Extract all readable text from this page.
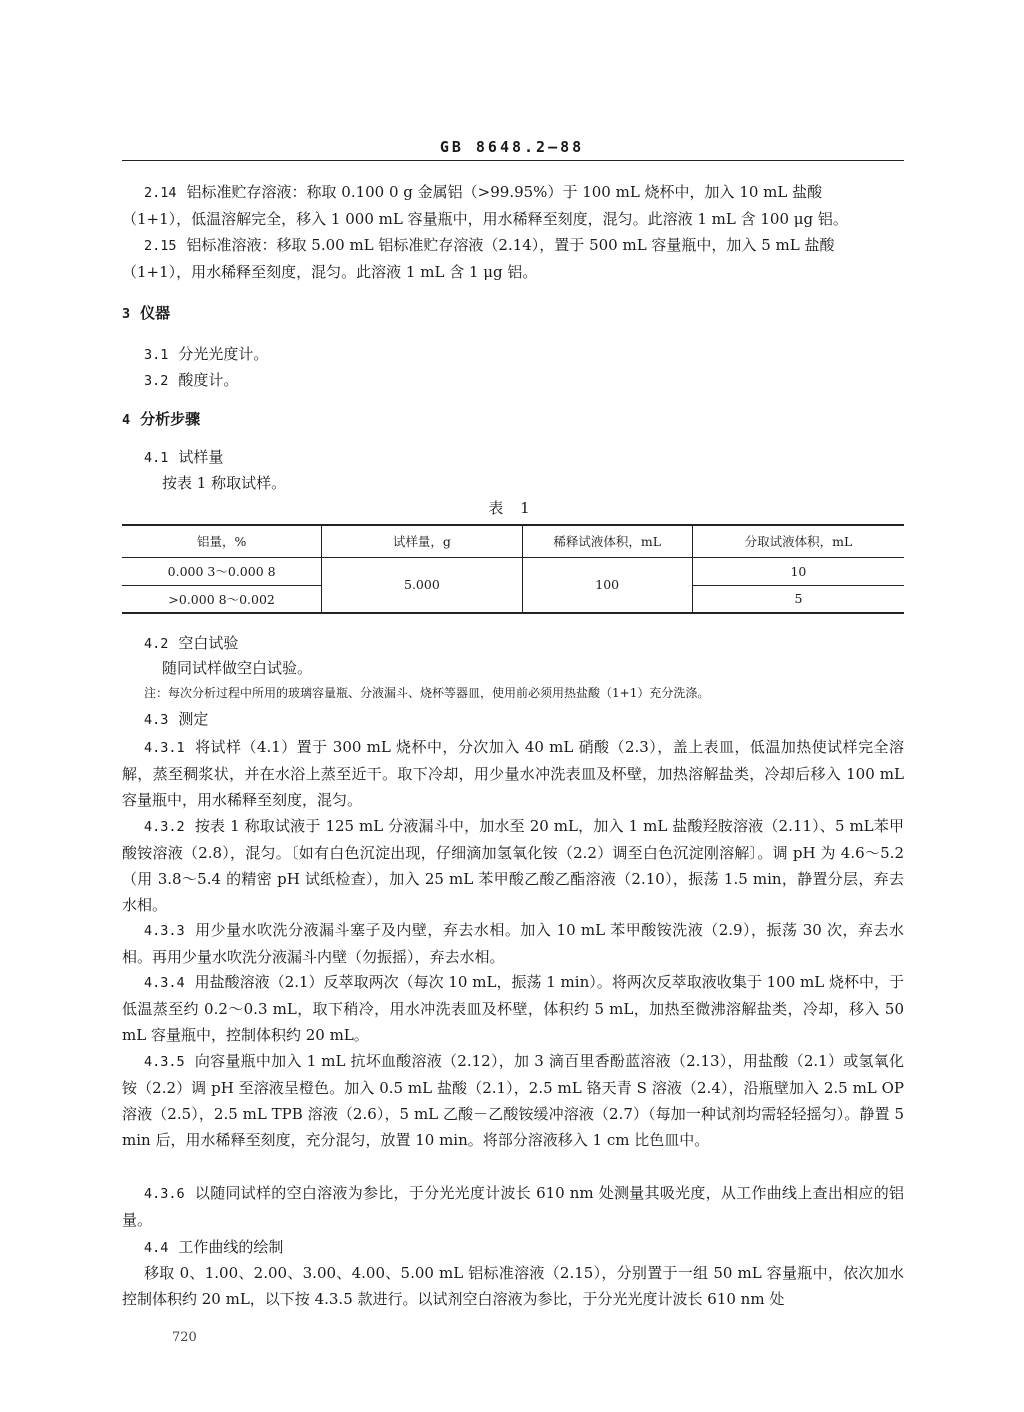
GB 8648.2—88
2.14 铝标准贮存溶液：称取 0.100 0 g 金属铝（>99.95%）于 100 mL 烧杯中，加入 10 mL 盐酸
（1+1），低温溶解完全，移入 1 000 mL 容量瓶中，用水稀释至刻度，混匀。此溶液 1 mL 含 100 μg 铝。
2.15 铝标准溶液：移取 5.00 mL 铝标准贮存溶液（2.14），置于 500 mL 容量瓶中，加入 5 mL 盐酸
（1+1），用水稀释至刻度，混匀。此溶液 1 mL 含 1 μg 铝。
3 仪器
3.1 分光光度计。
3.2 酸度计。
4 分析步骤
4.1 试样量
按表 1 称取试样。
表 1
铝量，%	试样量，g	稀释试液体积，mL	分取试液体积，mL
0.000 3～0.000 8	5.000	100	10
>0.000 8～0.002			5
4.2 空白试验
随同试样做空白试验。
注：每次分析过程中所用的玻璃容量瓶、分液漏斗、烧杯等器皿，使用前必须用热盐酸（1+1）充分洗涤。
4.3 测定
4.3.1 将试样（4.1）置于 300 mL 烧杯中，分次加入 40 mL 硝酸（2.3），盖上表皿，低温加热使试样完全溶解，蒸至稠浆状，并在水浴上蒸至近干。取下冷却，用少量水冲洗表皿及杯壁，加热溶解盐类，冷却后移入 100 mL 容量瓶中，用水稀释至刻度，混匀。
4.3.2 按表 1 称取试液于 125 mL 分液漏斗中，加水至 20 mL，加入 1 mL 盐酸羟胺溶液（2.11）、5 mL苯甲酸铵溶液（2.8），混匀。〔如有白色沉淀出现，仔细滴加氢氧化铵（2.2）调至白色沉淀刚溶解〕。调 pH 为 4.6～5.2（用 3.8～5.4 的精密 pH 试纸检查），加入 25 mL 苯甲酸乙酸乙酯溶液（2.10），振荡 1.5 min，静置分层，弃去水相。
4.3.3 用少量水吹洗分液漏斗塞子及内壁，弃去水相。加入 10 mL 苯甲酸铵洗液（2.9），振荡 30 次，弃去水相。再用少量水吹洗分液漏斗内壁（勿振摇），弃去水相。
4.3.4 用盐酸溶液（2.1）反萃取两次（每次 10 mL，振荡 1 min）。将两次反萃取液收集于 100 mL 烧杯中，于低温蒸至约 0.2～0.3 mL，取下稍冷，用水冲洗表皿及杯壁，体积约 5 mL，加热至微沸溶解盐类，冷却，移入 50 mL 容量瓶中，控制体积约 20 mL。
4.3.5 向容量瓶中加入 1 mL 抗坏血酸溶液（2.12），加 3 滴百里香酚蓝溶液（2.13），用盐酸（2.1）或氢氧化铵（2.2）调 pH 至溶液呈橙色。加入 0.5 mL 盐酸（2.1），2.5 mL 铬天青 S 溶液（2.4），沿瓶壁加入 2.5 mL OP 溶液（2.5），2.5 mL TPB 溶液（2.6），5 mL 乙酸－乙酸铵缓冲溶液（2.7）（每加一种试剂均需轻轻摇匀）。静置 5 min 后，用水稀释至刻度，充分混匀，放置 10 min。将部分溶液移入 1 cm 比色皿中。
4.3.6 以随同试样的空白溶液为参比，于分光光度计波长 610 nm 处测量其吸光度，从工作曲线上查出相应的铝量。
4.4 工作曲线的绘制
移取 0、1.00、2.00、3.00、4.00、5.00 mL 铝标准溶液（2.15），分别置于一组 50 mL 容量瓶中，依次加水控制体积约 20 mL，以下按 4.3.5 款进行。以试剂空白溶液为参比，于分光光度计波长 610 nm 处
720
